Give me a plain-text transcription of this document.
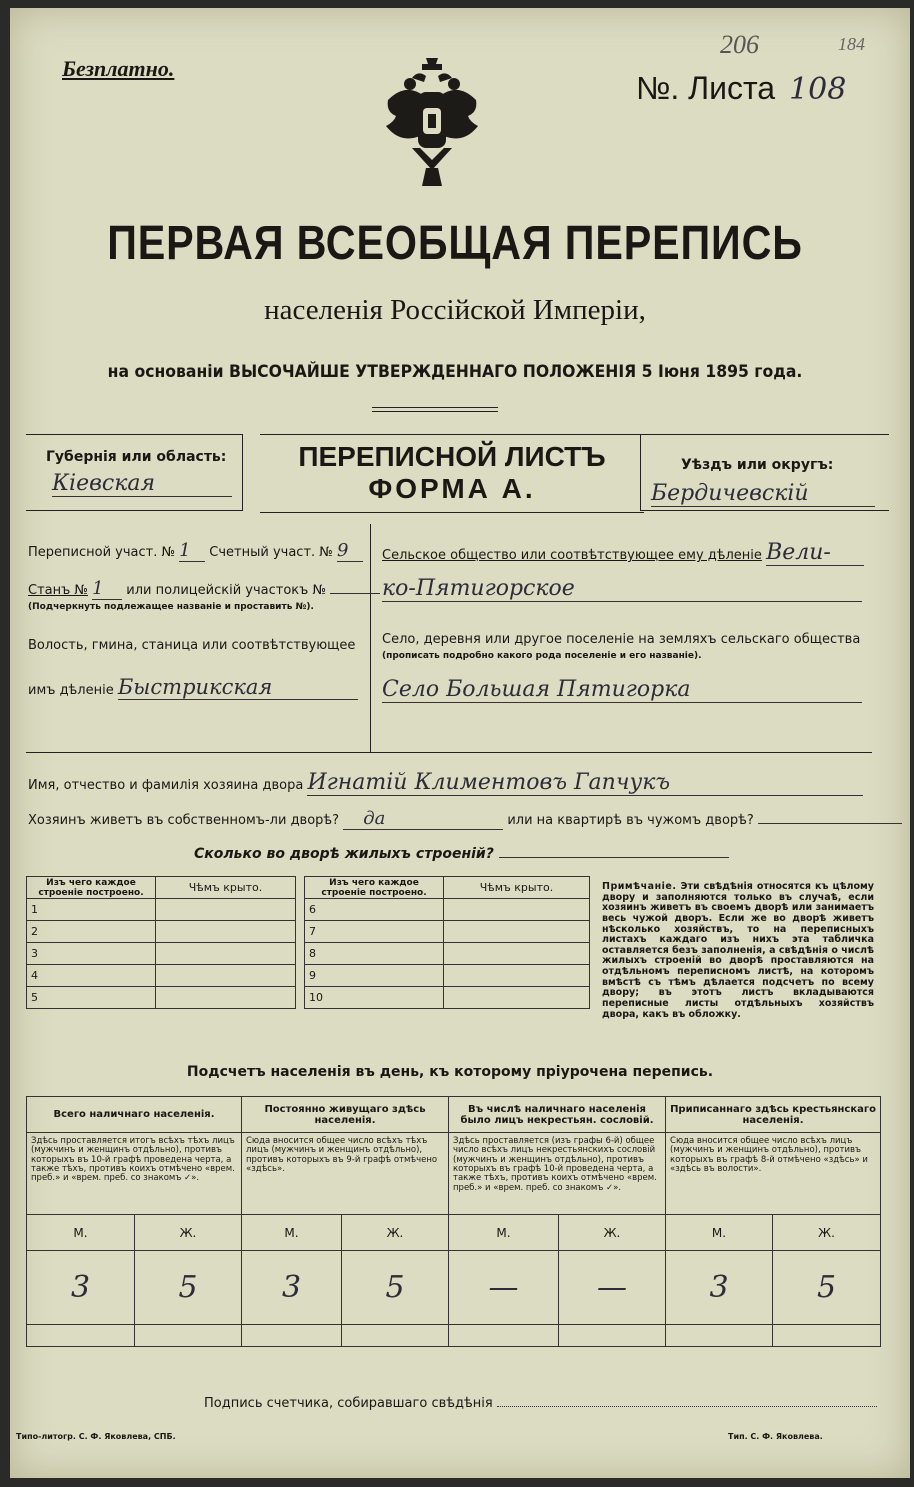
Безплатно.
206	184
№. Листа 108
ПЕРВАЯ ВСЕОБЩАЯ ПЕРЕПИСЬ
населенія Россійской Имперіи,
на основаніи ВЫСОЧАЙШЕ УТВЕРЖДЕННАГО ПОЛОЖЕНІЯ 5 Іюня 1895 года.
ПЕРЕПИСНОЙ ЛИСТЪ
ФОРМА А.
Губернія или область:
Кіевская
Уѣздъ или округъ:
Бердичевскій
Переписной участ. № 1 Счетный участ. № 9
Станъ № 1 или полицейскій участокъ №
(Подчеркнуть подлежащее названіе и проставить №).
Волость, гмина, станица или соотвѣтствующее
имъ дѣленіе Быстрикская
Сельское общество или соотвѣтствующее ему дѣленіе Вели-
ко-Пятигорское
Село, деревня или другое поселеніе на земляхъ сельскаго общества
(прописать подробно какого рода поселеніе и его названіе).
Село Большая Пятигорка
Имя, отчество и фамилія хозяина двора Игнатій Климентовъ Гапчукъ
Хозяинъ живетъ въ собственномъ-ли дворѣ? да	или на квартирѣ въ чужомъ дворѣ?
Сколько во дворѣ жилыхъ строеній?
Изъ чего каждое строеніе построено.	Чѣмъ крыто.
1	
2	
3	
4	
5	
Изъ чего каждое строеніе построено.	Чѣмъ крыто.
6	
7	
8	
9	
10	
Примѣчаніе. Эти свѣдѣнія относятся къ цѣлому двору и заполняются только въ случаѣ, если хозяинъ живетъ въ своемъ дворѣ или занимаетъ весь чужой дворъ. Если же во дворѣ живетъ нѣсколько хозяйствъ, то на переписныхъ листахъ каждаго изъ нихъ эта табличка оставляется безъ заполненія, а свѣдѣнія о числѣ жилыхъ строеній во дворѣ проставляются на отдѣльномъ переписномъ листѣ, на которомъ вмѣстѣ съ тѣмъ дѣлается подсчетъ по всему двору; въ этотъ листъ вкладываются переписные листы отдѣльныхъ хозяйствъ двора, какъ въ обложку.
Подсчетъ населенія въ день, къ которому пріурочена перепись.
Всего наличнаго населенія.		Постоянно живущаго здѣсь населенія.		Въ числѣ наличнаго населенія было лицъ некрестьян. сословій.		Приписаннаго здѣсь крестьянскаго населенія.	
Здѣсь проставляется итогъ всѣхъ тѣхъ лицъ (мужчинъ и женщинъ отдѣльно), противъ которыхъ въ 10-й графѣ проведена черта, а также тѣхъ, противъ коихъ отмѣчено «врем. преб.» и «врем. преб. со знакомъ ✓».		Сюда вносится общее число всѣхъ тѣхъ лицъ (мужчинъ и женщинъ отдѣльно), противъ которыхъ въ 9-й графѣ отмѣчено «здѣсь».		Здѣсь проставляется (изъ графы 6-й) общее число всѣхъ лицъ некрестьянскихъ сословій (мужчинъ и женщинъ отдѣльно), противъ которыхъ въ графѣ 10-й проведена черта, а также тѣхъ, противъ коихъ отмѣчено «врем. преб.» и «врем. преб. со знакомъ ✓».		Сюда вносится общее число всѣхъ лицъ (мужчинъ и женщинъ отдѣльно), противъ которыхъ въ графѣ 8-й отмѣчено «здѣсь» и «здѣсь въ волости».	
М.	Ж.	М.	Ж.	М.	Ж.	М.	Ж.
3	5	3	5	—	—	3	5

Подпись счетчика, собиравшаго свѣдѣнія
Типо-литогр. С. Ф. Яковлева, СПБ.	Тип. С. Ф. Яковлева.
